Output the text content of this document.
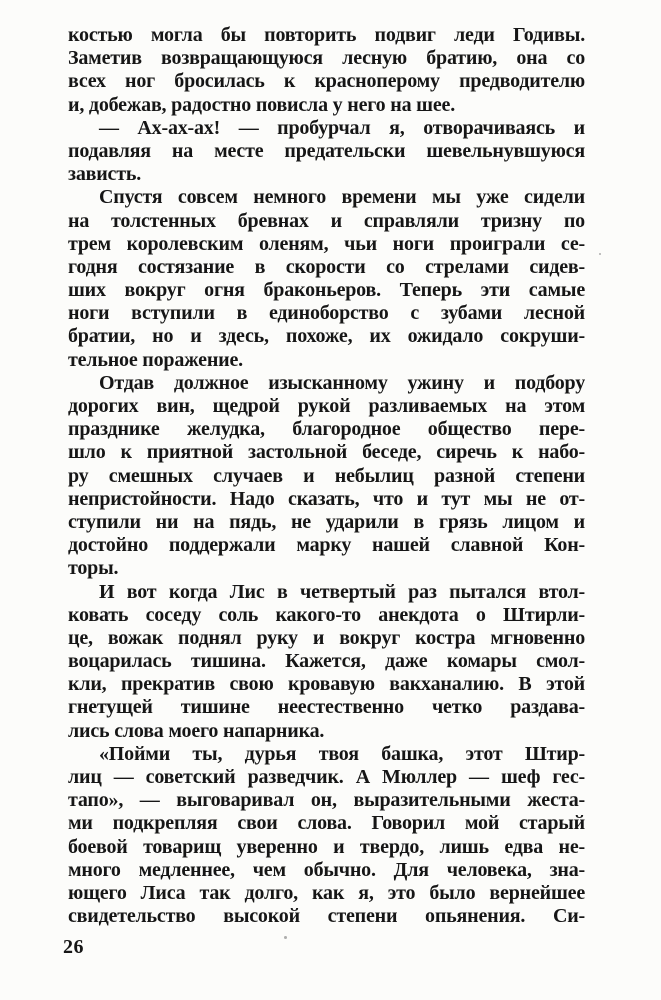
костью могла бы повторить подвиг леди Годивы.
Заметив возвращающуюся лесную братию, она со
всех ног бросилась к красноперому предводителю
и, добежав, радостно повисла у него на шее.
— Ах-ах-ах! — пробурчал я, отворачиваясь и
подавляя на месте предательски шевельнувшуюся
зависть.
Спустя совсем немного времени мы уже сидели
на толстенных бревнах и справляли тризну по
трем королевским оленям, чьи ноги проиграли се-
годня состязание в скорости со стрелами сидев-
ших вокруг огня браконьеров. Теперь эти самые
ноги вступили в единоборство с зубами лесной
братии, но и здесь, похоже, их ожидало сокруши-
тельное поражение.
Отдав должное изысканному ужину и подбору
дорогих вин, щедрой рукой разливаемых на этом
празднике желудка, благородное общество пере-
шло к приятной застольной беседе, сиречь к набо-
ру смешных случаев и небылиц разной степени
непристойности. Надо сказать, что и тут мы не от-
ступили ни на пядь, не ударили в грязь лицом и
достойно поддержали марку нашей славной Кон-
торы.
И вот когда Лис в четвертый раз пытался втол-
ковать соседу соль какого-то анекдота о Штирли-
це, вожак поднял руку и вокруг костра мгновенно
воцарилась тишина. Кажется, даже комары смол-
кли, прекратив свою кровавую вакханалию. В этой
гнетущей тишине неестественно четко раздава-
лись слова моего напарника.
«Пойми ты, дурья твоя башка, этот Штир-
лиц — советский разведчик. А Мюллер — шеф гес-
тапо», — выговаривал он, выразительными жеста-
ми подкрепляя свои слова. Говорил мой старый
боевой товарищ уверенно и твердо, лишь едва не-
много медленнее, чем обычно. Для человека, зна-
ющего Лиса так долго, как я, это было вернейшее
свидетельство высокой степени опьянения. Си-
26
